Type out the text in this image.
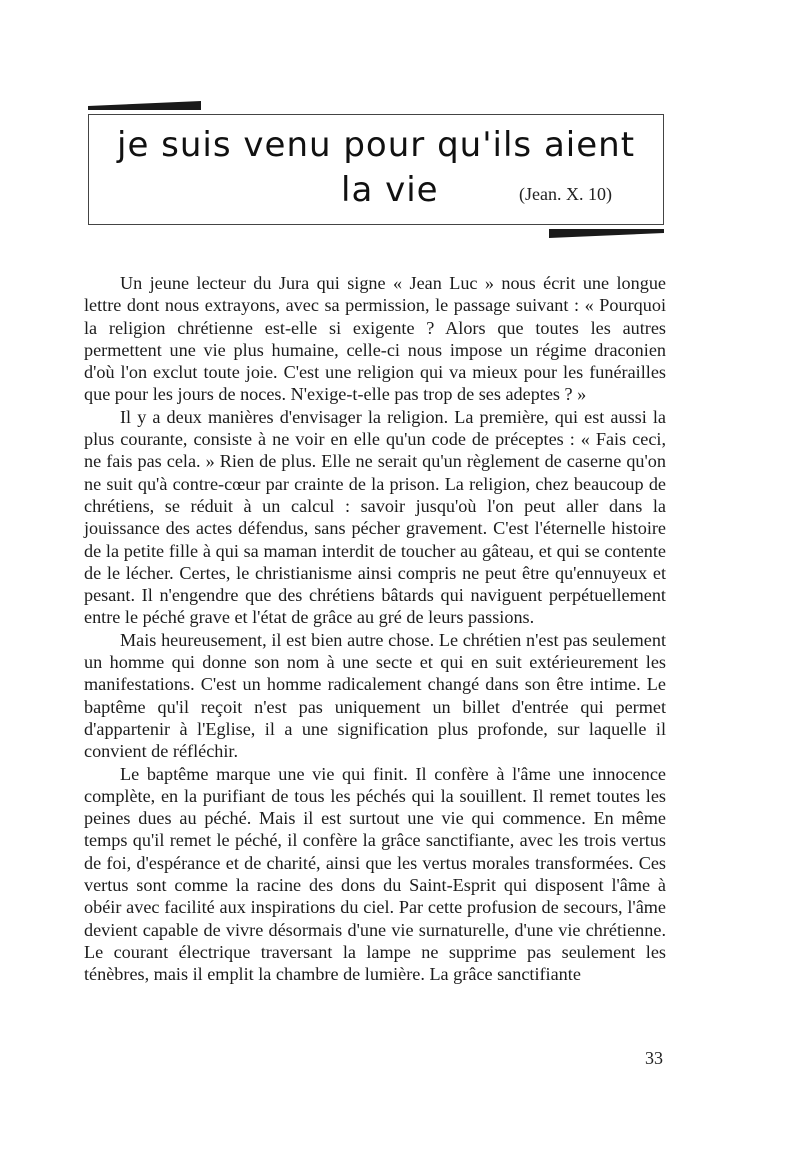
je suis venu pour qu'ils aient
la vie	(Jean. X. 10)

Un jeune lecteur du Jura qui signe « Jean Luc » nous écrit une longue lettre dont nous extrayons, avec sa permission, le passage suivant : « Pourquoi la religion chrétienne est-elle si exigente ? Alors que toutes les autres permettent une vie plus humaine, celle-ci nous impose un régime draconien d'où l'on exclut toute joie. C'est une religion qui va mieux pour les funérailles que pour les jours de noces. N'exige-t-elle pas trop de ses adeptes ? »

Il y a deux manières d'envisager la religion. La première, qui est aussi la plus courante, consiste à ne voir en elle qu'un code de préceptes : « Fais ceci, ne fais pas cela. » Rien de plus. Elle ne serait qu'un règlement de caserne qu'on ne suit qu'à contre-cœur par crainte de la prison. La religion, chez beaucoup de chrétiens, se réduit à un calcul : savoir jusqu'où l'on peut aller dans la jouissance des actes défendus, sans pécher gravement. C'est l'éternelle histoire de la petite fille à qui sa maman interdit de toucher au gâteau, et qui se contente de le lécher. Certes, le christianisme ainsi compris ne peut être qu'ennuyeux et pesant. Il n'engendre que des chrétiens bâtards qui naviguent perpétuellement entre le péché grave et l'état de grâce au gré de leurs passions.

Mais heureusement, il est bien autre chose. Le chrétien n'est pas seulement un homme qui donne son nom à une secte et qui en suit extérieurement les manifestations. C'est un homme radicalement changé dans son être intime. Le baptême qu'il reçoit n'est pas uniquement un billet d'entrée qui permet d'appartenir à l'Eglise, il a une signification plus profonde, sur laquelle il convient de réfléchir.

Le baptême marque une vie qui finit. Il confère à l'âme une innocence complète, en la purifiant de tous les péchés qui la souillent. Il remet toutes les peines dues au péché. Mais il est surtout une vie qui commence. En même temps qu'il remet le péché, il confère la grâce sanctifiante, avec les trois vertus de foi, d'espérance et de charité, ainsi que les vertus morales transformées. Ces vertus sont comme la racine des dons du Saint-Esprit qui disposent l'âme à obéir avec facilité aux inspirations du ciel. Par cette profusion de secours, l'âme devient capable de vivre désormais d'une vie surnaturelle, d'une vie chrétienne. Le courant électrique traversant la lampe ne supprime pas seulement les ténèbres, mais il emplit la chambre de lumière. La grâce sanctifiante

33
